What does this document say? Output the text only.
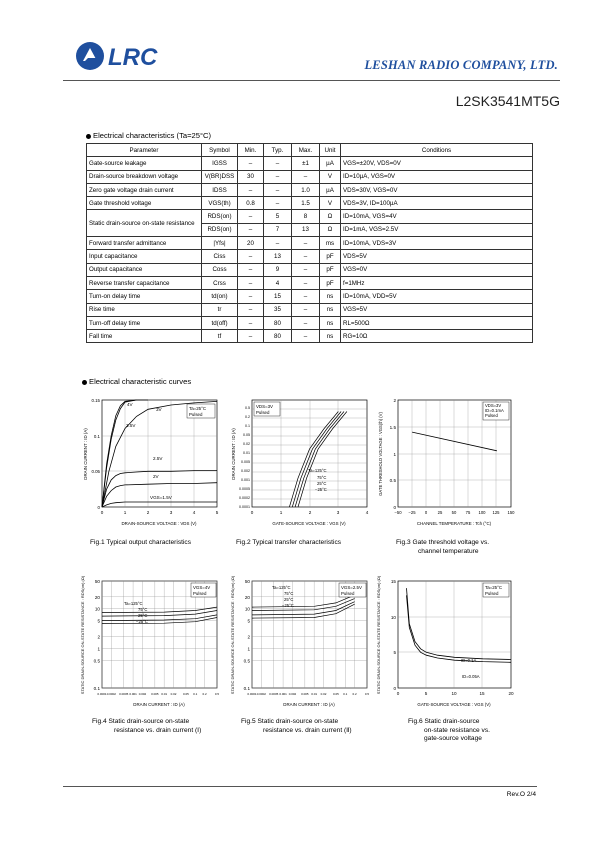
LRC	LESHAN RADIO COMPANY, LTD.
L2SK3541MT5G
Electrical characteristics (Ta=25°C)
Parameter	Symbol	Min.	Typ.	Max.	Unit	Conditions
Gate-source leakage	IGSS	–	–	±1	µA	VGS=±20V, VDS=0V
Drain-source breakdown voltage	V(BR)DSS	30	–	–	V	ID=10µA, VGS=0V
Zero gate voltage drain current	IDSS	–	–	1.0	µA	VDS=30V, VGS=0V
Gate threshold voltage	VGS(th)	0.8	–	1.5	V	VDS=3V, ID=100µA
Static drain-source on-state resistance	RDS(on)	–	5	8	Ω	ID=10mA, VGS=4V
	RDS(on)	–	7	13	Ω	ID=1mA, VGS=2.5V
Forward transfer admittance	|Yfs|	20	–	–	ms	ID=10mA, VDS=3V
Input capacitance	Ciss	–	13	–	pF	VDS=5V
Output capacitance	Coss	–	9	–	pF	VGS=0V
Reverse transfer capacitance	Crss	–	4	–	pF	f=1MHz
Turn-on delay time	td(on)	–	15	–	ns	ID=10mA, VDD=5V
Rise time	tr	–	35	–	ns	VGS=5V
Turn-off delay time	td(off)	–	80	–	ns	RL=500Ω
Fall time	tf	–	80	–	ns	RG=10Ω
Electrical characteristic curves
Ta=25°C
Pulsed
4V
3V
3.5V
2.5V
2V
VGS=1.5V
0	1	2	3	4	5
0
0.05
0.1
0.15
DRAIN-SOURCE VOLTAGE : VDS (V)
DRAIN CURRENT : ID (A)
Fig.1 Typical output characteristics
VDS=3V
Pulsed
Ta=125°C
75°C
25°C
−25°C
0	1	2	3	4
0.0001
0.0002
0.0005
0.001
0.002
0.005
0.01
0.02
0.05
0.1
0.2
0.5
GATE-SOURCE VOLTAGE : VGS (V)
DRAIN CURRENT : ID (A)
Fig.2 Typical transfer characteristics
VDS=3V
ID=0.1mA
Pulsed
−50 −25 0 25 50 75 100 125 150
0
0.5
1
1.5
2
CHANNEL TEMPERATURE : Tch (°C)
GATE THRESHOLD VOLTAGE : VGS(th) (V)
Fig.3 Gate threshold voltage vs.
channel temperature
VGS=4V
Pulsed
Ta=125°C
75°C
25°C
−25°C
0.0001 0.0002 0.0005 0.001 0.002 0.005 0.01 0.02 0.05 0.1 0.2	0.5
0.1
0.5
1
2
5
10
20
50
DRAIN CURRENT : ID (A)
STATIC DRAIN-SOURCE ON-STATE RESISTANCE : RDS(on) (Ω)
Fig.4 Static drain-source on-state
resistance vs. drain current (Ⅰ)
VGS=2.5V
Pulsed
Ta=125°C
75°C
25°C
−25°C
0.0001 0.0002 0.0005 0.001 0.002 0.005 0.01 0.02 0.05 0.1 0.2	0.5
0.1
0.5
1
2
5
10
20
50
DRAIN CURRENT : ID (A)
STATIC DRAIN-SOURCE ON-STATE RESISTANCE : RDS(on) (Ω)
Fig.5 Static drain-source on-state
resistance vs. drain current (Ⅱ)
Ta=25°C
Pulsed
ID=0.1A
ID=0.05A
0	5	10	15	20
0
5
10
15
GATE-SOURCE VOLTAGE : VGS (V)
STATIC DRAIN-SOURCE ON-STATE RESISTANCE : RDS(on) (Ω)
Fig.6 Static drain-source
on-state resistance vs.
gate-source voltage
Rev.O 2/4
